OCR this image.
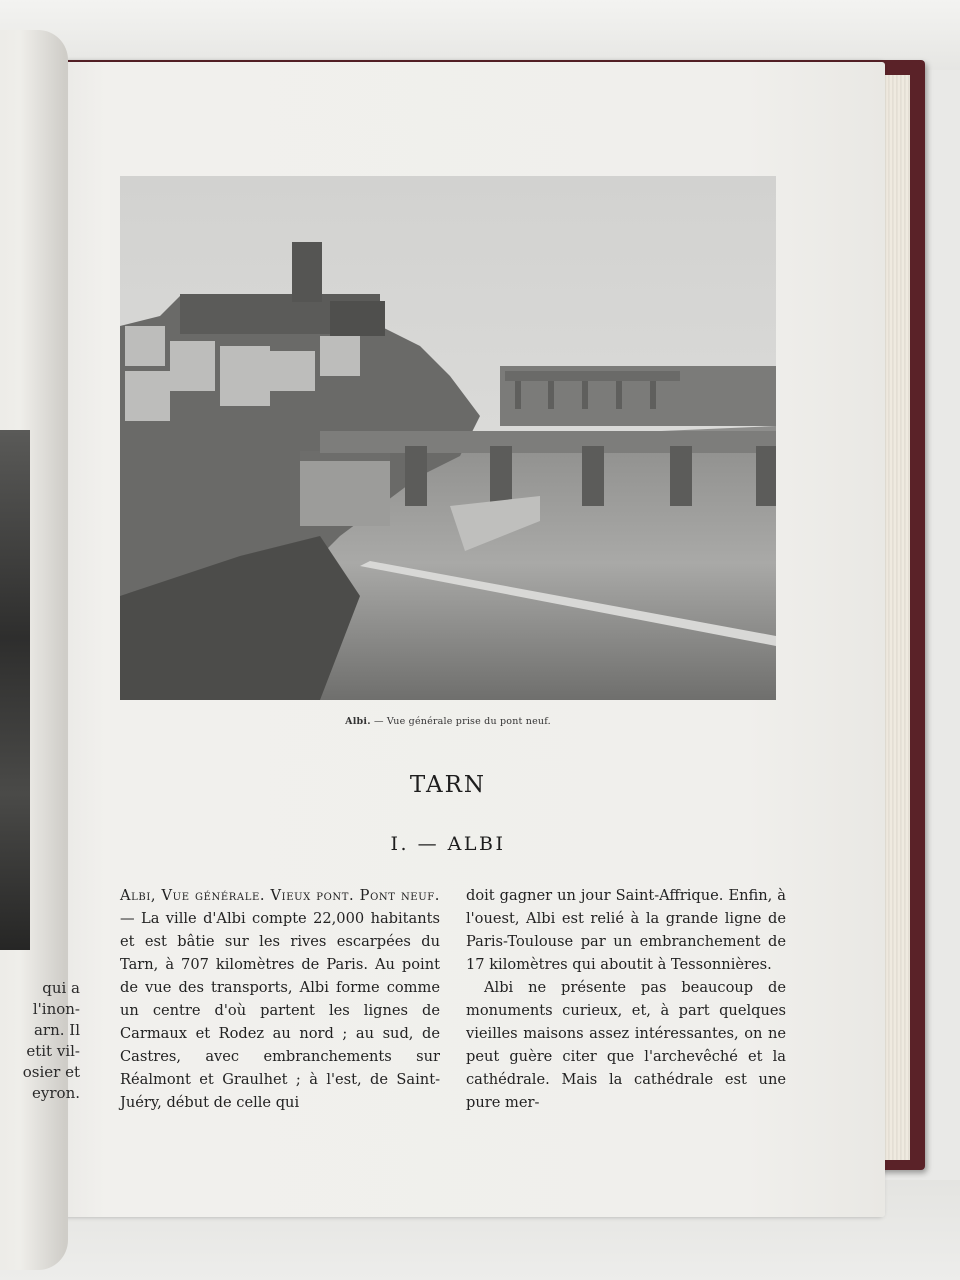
qui a
l'inon-
arn. Il
etit vil-
osier et
eyron.
Albi. — Vue générale prise du pont neuf.
TARN
I. — ALBI

Albi, Vue générale. Vieux pont. Pont neuf. — La ville d'Albi compte 22,000 habitants et est bâtie sur les rives escarpées du Tarn, à 707 kilomètres de Paris. Au point de vue des transports, Albi forme comme un centre d'où partent les lignes de Carmaux et Rodez au nord ; au sud, de Castres, avec embranchements sur Réalmont et Graulhet ; à l'est, de Saint-Juéry, début de celle qui

doit gagner un jour Saint-Affrique. Enfin, à l'ouest, Albi est relié à la grande ligne de Paris-Toulouse par un embranchement de 17 kilomètres qui aboutit à Tessonnières.

Albi ne présente pas beaucoup de monuments curieux, et, à part quelques vieilles maisons assez intéressantes, on ne peut guère citer que l'archevêché et la cathédrale. Mais la cathédrale est une pure mer-
